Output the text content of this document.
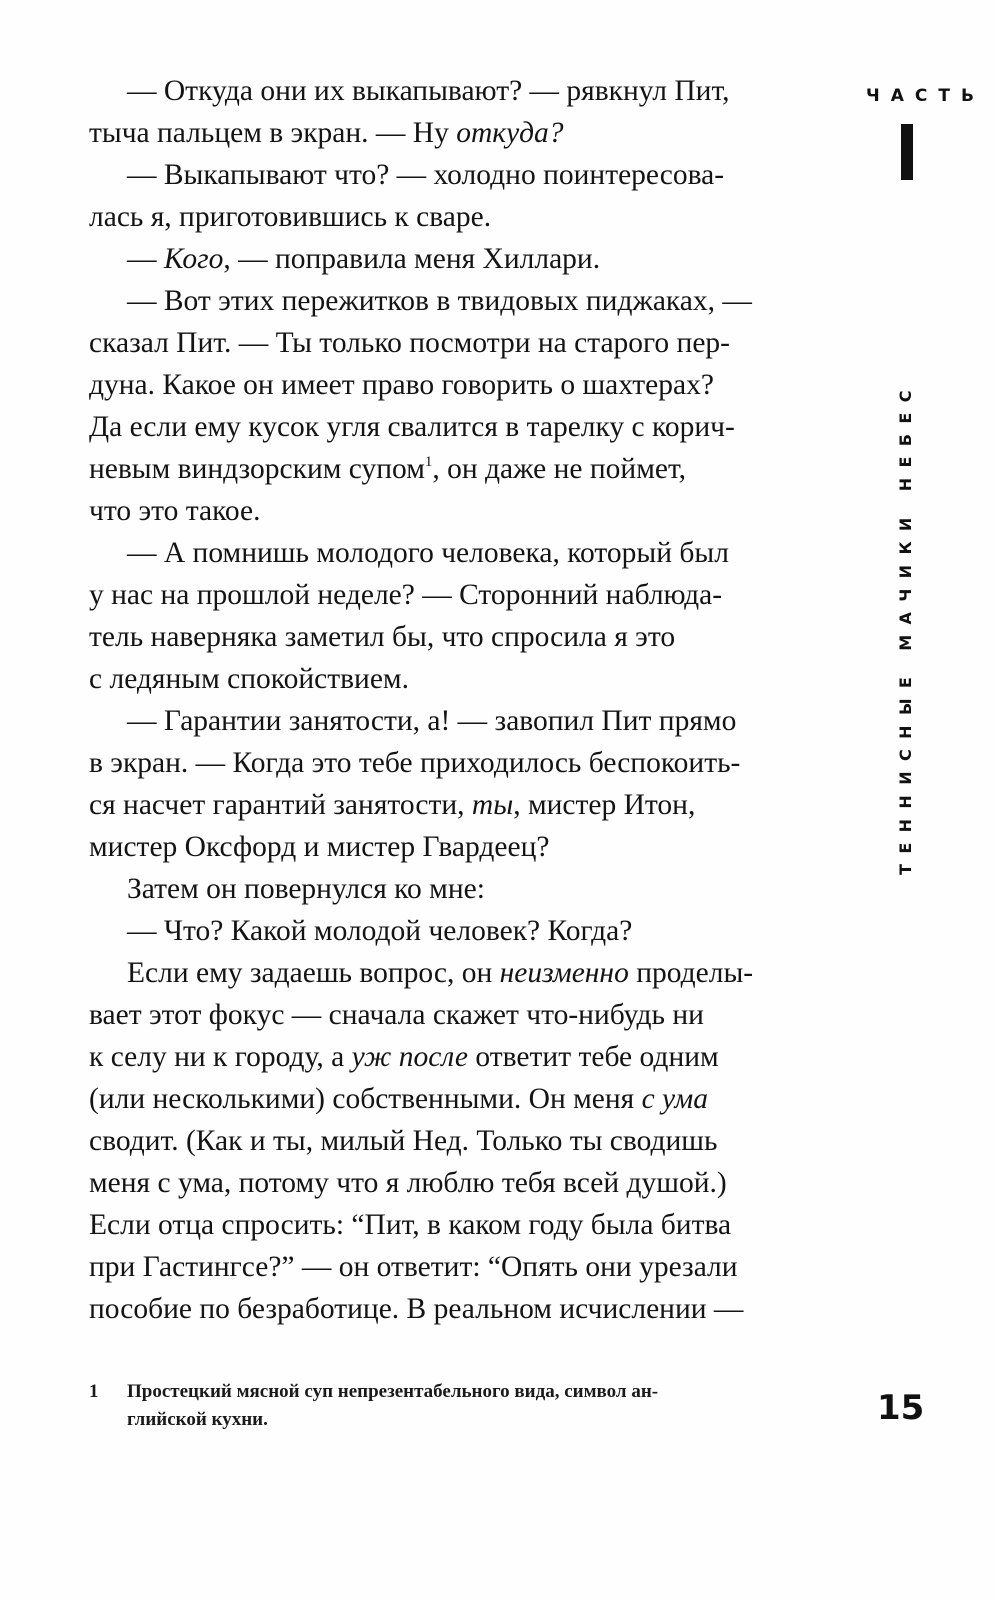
ЧАСТЬ
ТЕННИСНЫЕ МАЧИКИ НЕБЕС
— Откуда они их выкапывают? — рявкнул Пит,
тыча пальцем в экран. — Ну откуда?
— Выкапывают что? — холодно поинтересова-
лась я, приготовившись к сваре.
— Кого, — поправила меня Хиллари.
— Вот этих пережитков в твидовых пиджаках, —
сказал Пит. — Ты только посмотри на старого пер-
дуна. Какое он имеет право говорить о шахтерах?
Да если ему кусок угля свалится в тарелку с корич-
невым виндзорским супом$^1$, он даже не поймет,
что это такое.
— А помнишь молодого человека, который был
у нас на прошлой неделе? — Сторонний наблюда-
тель наверняка заметил бы, что спросила я это
с ледяным спокойствием.
— Гарантии занятости, а! — завопил Пит прямо
в экран. — Когда это тебе приходилось беспокоить-
ся насчет гарантий занятости, ты, мистер Итон,
мистер Оксфорд и мистер Гвардеец?
Затем он повернулся ко мне:
— Что? Какой молодой человек? Когда?
Если ему задаешь вопрос, он неизменно проделы-
вает этот фокус — сначала скажет что-нибудь ни
к селу ни к городу, а уж после ответит тебе одним
(или несколькими) собственными. Он меня с ума
сводит. (Как и ты, милый Нед. Только ты сводишь
меня с ума, потому что я люблю тебя всей душой.)
Если отца спросить: “Пит, в каком году была битва
при Гастингсе?” — он ответит: “Опять они урезали
пособие по безработице. В реальном исчислении —
1 Простецкий мясной суп непрезентабельного вида, символ ан-
глийской кухни.	15
